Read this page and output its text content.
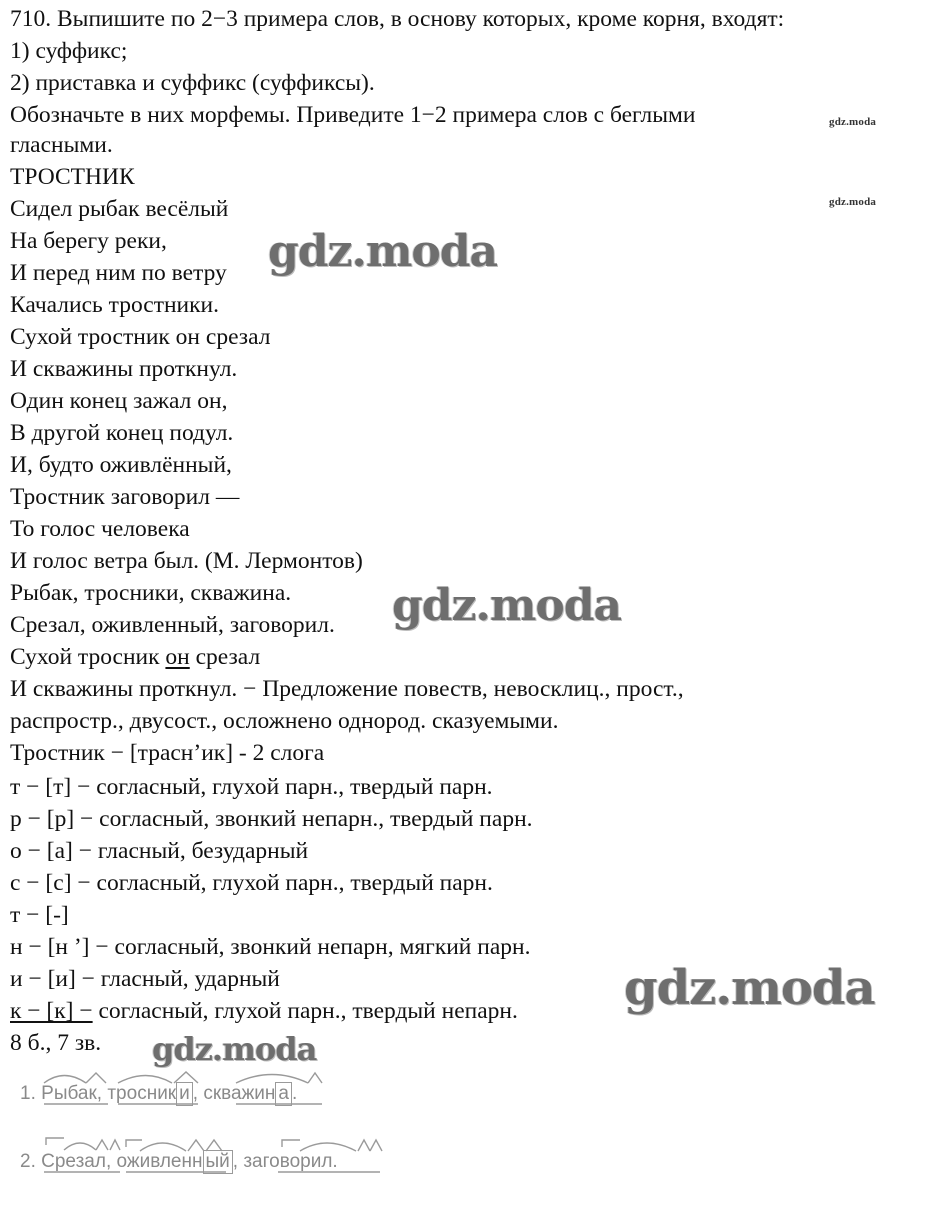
710. Выпишите по 2−3 примера слов, в основу которых, кроме корня, входят:
1) суффикс;
2) приставка и суффикс (суффиксы).
Обозначьте в них морфемы. Приведите 1−2 примера слов с беглыми
гласными.
ТРОСТНИК
Сидел рыбак весёлый
На берегу реки,
И перед ним по ветру
Качались тростники.
Сухой тростник он срезал
И скважины проткнул.
Один конец зажал он,
В другой конец подул.
И, будто оживлённый,
Тростник заговорил —
То голос человека
И голос ветра был. (М. Лермонтов)
Рыбак, тросники, скважина.
Срезал, оживленный, заговорил.
Сухой тросник он срезал
И скважины проткнул. − Предложение повеств, невосклиц., прост.,
распростр., двусост., осложнено однород. сказуемыми.
Тростник − [трасн’ик] - 2 слога
т − [т] − согласный, глухой парн., твердый парн.
р − [р] − согласный, звонкий непарн., твердый парн.
о − [а] − гласный, безударный
с − [с] − согласный, глухой парн., твердый парн.
т − [-]
н − [н ’] − согласный, звонкий непарн, мягкий парн.
и − [и] − гласный, ударный
к − [к] − согласный, глухой парн., твердый непарн.
8 б., 7 зв.
1. Рыбак, тросник и , скважин а .
2. Срезал, оживленн ый , заговорил.
gdz.moda
gdz.moda
gdz.moda
gdz.moda
gdz.moda
gdz.moda
